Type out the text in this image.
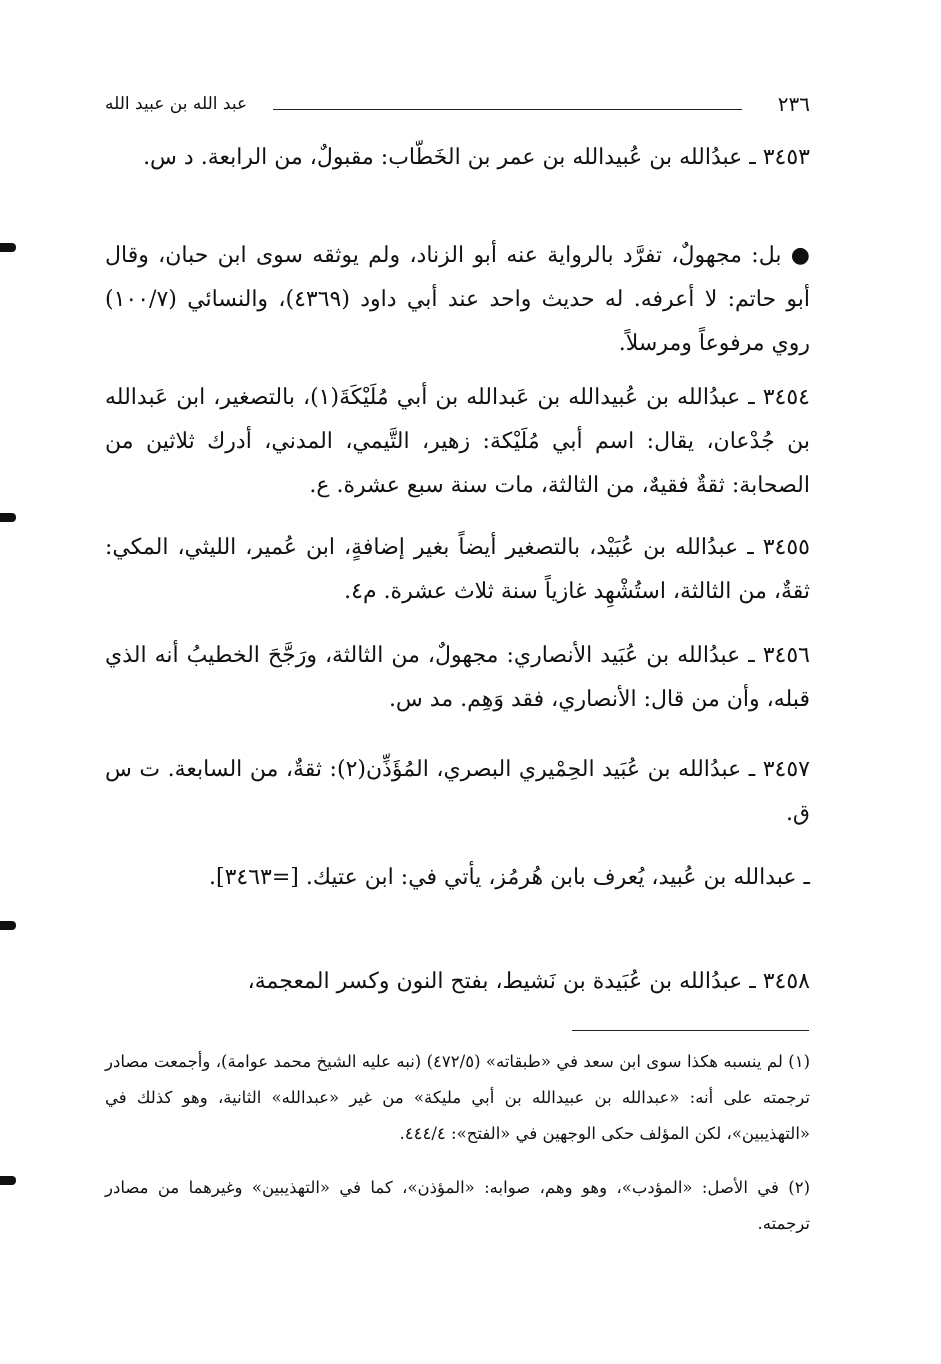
٢٣٦
عبد الله بن عبيد الله
٣٤٥٣ ـ عبدُالله بن عُبيدالله بن عمر بن الخَطّاب: مقبولٌ، من الرابعة. د س.
● بل: مجهولٌ، تفرَّد بالرواية عنه أبو الزناد، ولم يوثقه سوى ابن حبان، وقال أبو حاتم: لا أعرفه. له حديث واحد عند أبي داود (٤٣٦٩)، والنسائي (١٠٠/٧) روي مرفوعاً ومرسلاً.
٣٤٥٤ ـ عبدُالله بن عُبيدالله بن عَبدالله بن أبي مُلَيْكَةَ(١)، بالتصغير، ابن عَبدالله بن جُدْعان، يقال: اسم أبي مُلَيْكة: زهير، التَّيمي، المدني، أدرك ثلاثين من الصحابة: ثقةٌ فقيهٌ، من الثالثة، مات سنة سبع عشرة. ع.
٣٤٥٥ ـ عبدُالله بن عُبَيْد، بالتصغير أيضاً بغير إضافةٍ، ابن عُمير، الليثي، المكي: ثقةٌ، من الثالثة، استُشْهِد غازياً سنة ثلاث عشرة. م٤.
٣٤٥٦ ـ عبدُالله بن عُبَيد الأنصاري: مجهولٌ، من الثالثة، ورَجَّحَ الخطيبُ أنه الذي قبله، وأن من قال: الأنصاري، فقد وَهِم. مد س.
٣٤٥٧ ـ عبدُالله بن عُبَيد الحِمْيري البصري، المُؤَذِّن(٢): ثقةٌ، من السابعة. ت س ق.
ـ عبدالله بن عُبيد، يُعرف بابن هُرمُز، يأتي في: ابن عتيك. [=٣٤٦٣].
٣٤٥٨ ـ عبدُالله بن عُبَيدة بن نَشيط، بفتح النون وكسر المعجمة،
(١) لم ينسبه هكذا سوى ابن سعد في «طبقاته» (٤٧٢/٥) (نبه عليه الشيخ محمد عوامة)، وأجمعت مصادر ترجمته على أنه: «عبدالله بن عبيدالله بن أبي مليكة» من غير «عبدالله» الثانية، وهو كذلك في «التهذيبين»، لكن المؤلف حكى الوجهين في «الفتح»: ٤٤٤/٤.
(٢) في الأصل: «المؤدب»، وهو وهم، صوابه: «المؤذن»، كما في «التهذيبين» وغيرهما من مصادر ترجمته.
